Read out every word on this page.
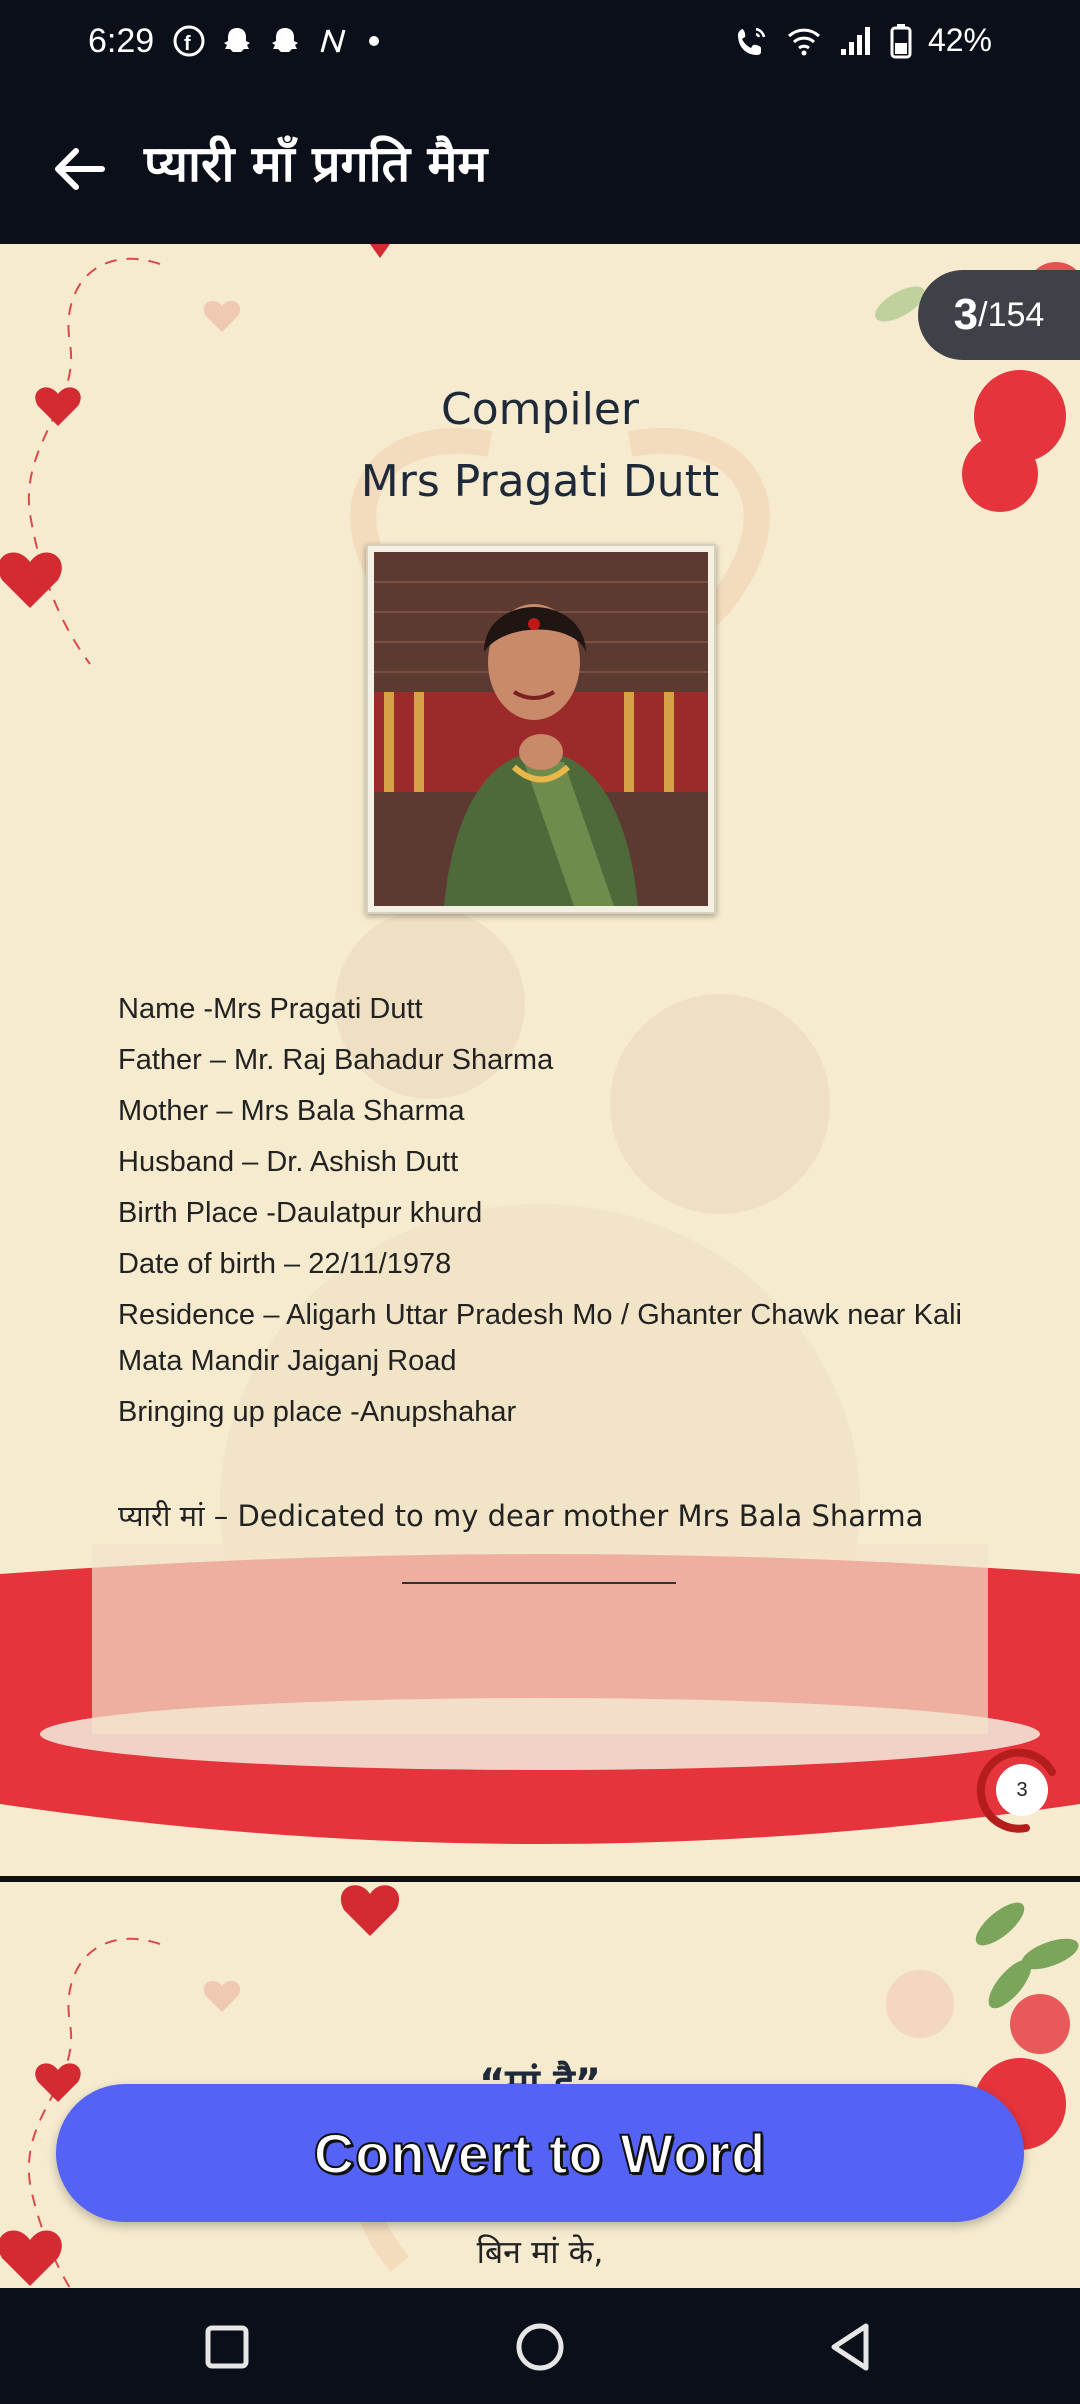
6:29 f	42%
प्यारी माँ प्रगति मैम
3 /154
Compiler
Mrs Pragati Dutt
Name -Mrs Pragati Dutt
Father – Mr. Raj Bahadur Sharma
Mother – Mrs Bala Sharma
Husband – Dr. Ashish Dutt
Birth Place -Daulatpur khurd
Date of birth – 22/11/1978
Residence – Aligarh Uttar Pradesh Mo / Ghanter Chawk near Kali Mata Mandir Jaiganj Road
Bringing up place -Anupshahar
प्यारी मां – Dedicated to my dear mother Mrs Bala Sharma
3
बिन मां के,
Convert to Word
